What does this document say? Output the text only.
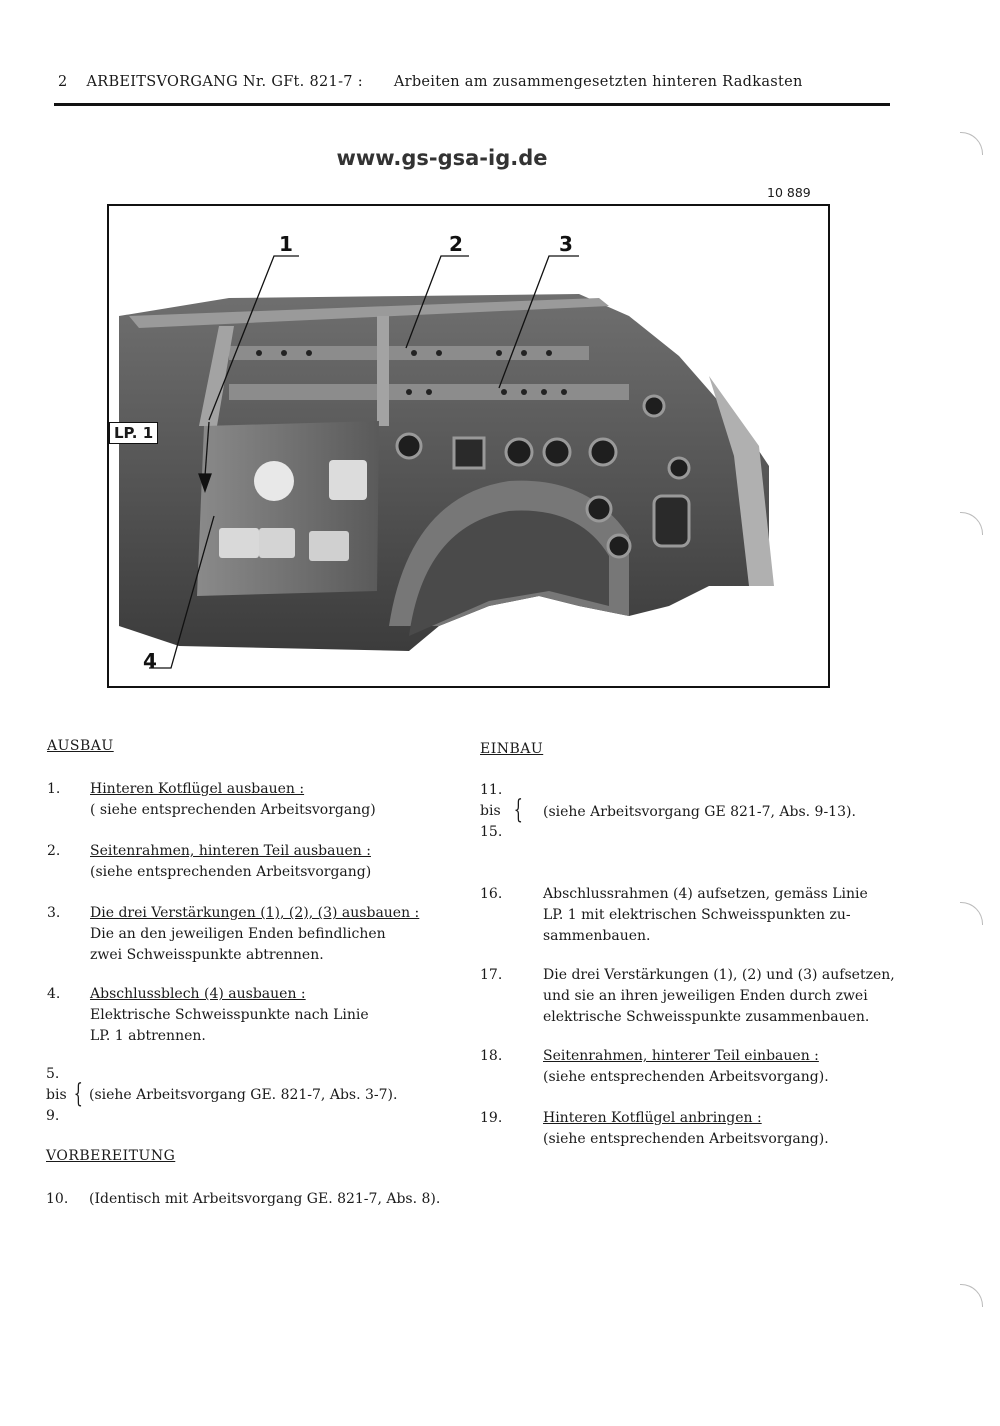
2 ARBEITSVORGANG Nr. GFt. 821-7 : Arbeiten am zusammengesetzten hinteren Radkasten
www.gs-gsa-ig.de
10 889
1	2	3
4
LP. 1
AUSBAU
1. Hinteren Kotflügel ausbauen :
( siehe entsprechenden Arbeitsvorgang)
2. Seitenrahmen, hinteren Teil ausbauen :
(siehe entsprechenden Arbeitsvorgang)
3. Die drei Verstärkungen (1), (2), (3) ausbauen :
Die an den jeweiligen Enden befindlichen
zwei Schweisspunkte abtrennen.
4. Abschlussblech (4) ausbauen :
Elektrische Schweisspunkte nach Linie
LP. 1 abtrennen.
5.
bis
9.
{ (siehe Arbeitsvorgang GE. 821-7, Abs. 3-7).
VORBEREITUNG
10. (Identisch mit Arbeitsvorgang GE. 821-7, Abs. 8).
EINBAU
11.
bis
15.
{ (siehe Arbeitsvorgang GE 821-7, Abs. 9-13).
16.	Abschlussrahmen (4) aufsetzen, gemäss Linie
LP. 1 mit elektrischen Schweisspunkten zu-
sammenbauen.
17.	Die drei Verstärkungen (1), (2) und (3) aufsetzen,
und sie an ihren jeweiligen Enden durch zwei
elektrische Schweisspunkte zusammenbauen.
18.	Seitenrahmen, hinterer Teil einbauen :
(siehe entsprechenden Arbeitsvorgang).
19.	Hinteren Kotflügel anbringen :
(siehe entsprechenden Arbeitsvorgang).
